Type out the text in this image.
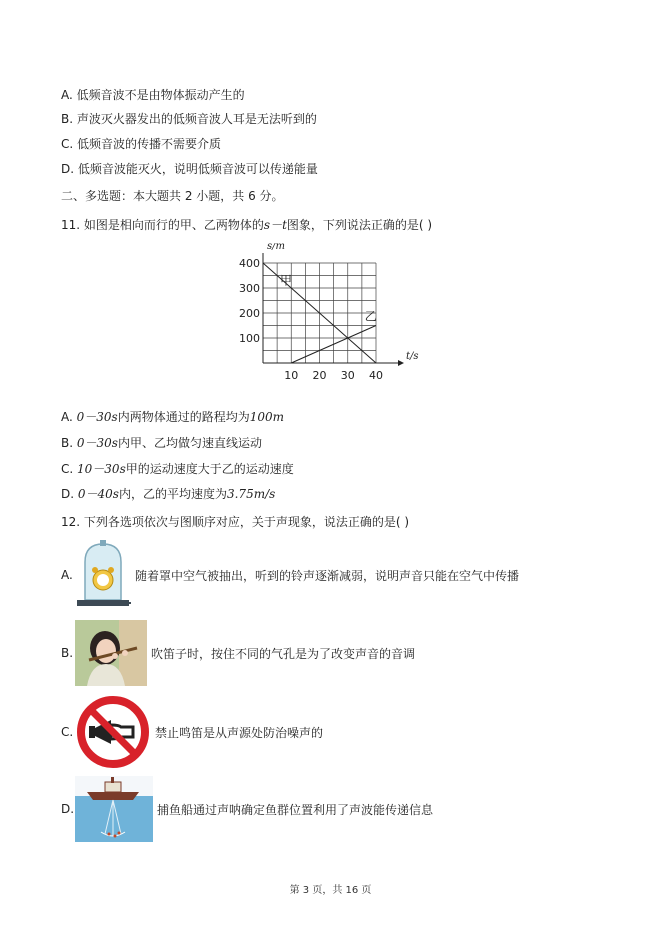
A. 低频音波不是由物体振动产生的
B. 声波灭火器发出的低频音波人耳是无法听到的
C. 低频音波的传播不需要介质
D. 低频音波能灭火，说明低频音波可以传递能量
二、多选题：本大题共 2 小题，共 6 分。
11. 如图是相向而行的甲、乙两物体的s－t图象，下列说法正确的是( )
10 20 30 40
100
200
300
400
s/m
t/s
甲
乙
A. 0－30s内两物体通过的路程均为100m
B. 0－30s内甲、乙均做匀速直线运动
C. 10－30s甲的运动速度大于乙的运动速度
D. 0－40s内，乙的平均速度为3.75m/s
12. 下列各选项依次与图顺序对应，关于声现象，说法正确的是( )
A.	随着罩中空气被抽出，听到的铃声逐渐减弱，说明声音只能在空气中传播
B.	吹笛子时，按住不同的气孔是为了改变声音的音调
C.	禁止鸣笛是从声源处防治噪声的
D.	捕鱼船通过声呐确定鱼群位置利用了声波能传递信息
第 3 页，共 16 页
